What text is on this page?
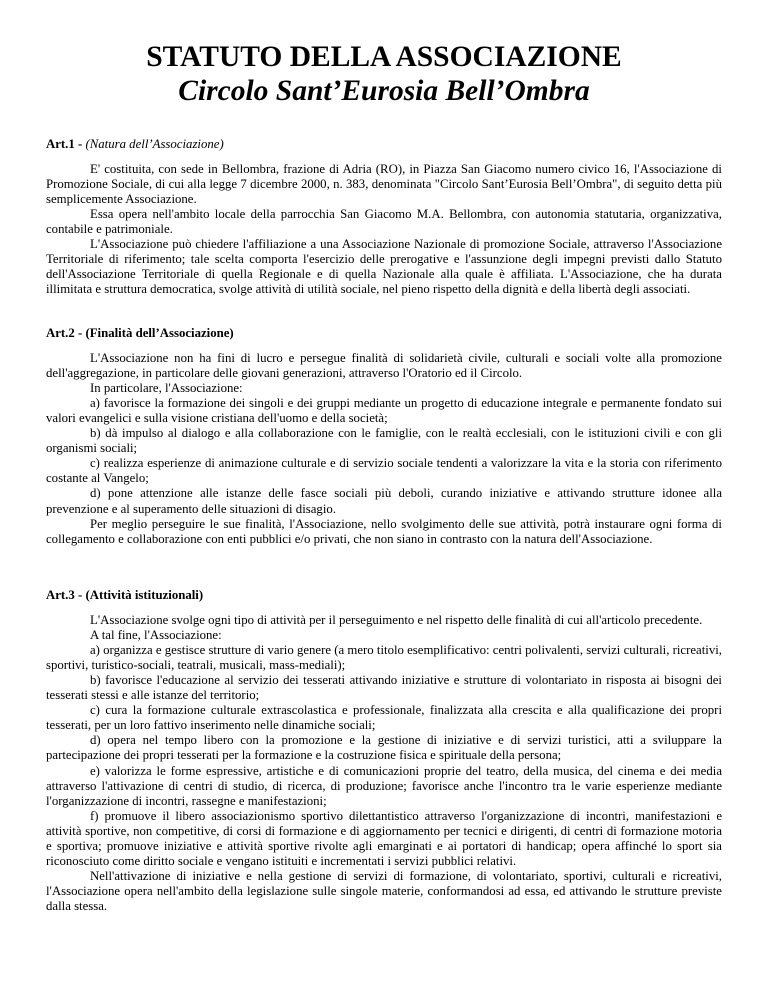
STATUTO DELLA ASSOCIAZIONE
Circolo Sant’Eurosia Bell’Ombra
Art.1 - (Natura dell’Associazione)

E' costituita, con sede in Bellombra, frazione di Adria (RO), in Piazza San Giacomo numero civico 16, l'Associazione di Promozione Sociale, di cui alla legge 7 dicembre 2000, n. 383, denominata "Circolo Sant’Eurosia Bell’Ombra", di seguito detta più semplicemente Associazione.

Essa opera nell'ambito locale della parrocchia San Giacomo M.A. Bellombra, con autonomia statutaria, organizzativa, contabile e patrimoniale.

L'Associazione può chiedere l'affiliazione a una Associazione Nazionale di promozione Sociale, attraverso l'Associazione Territoriale di riferimento; tale scelta comporta l'esercizio delle prerogative e l'assunzione degli impegni previsti dallo Statuto dell'Associazione Territoriale di quella Regionale e di quella Nazionale alla quale è affiliata. L'Associazione, che ha durata illimitata e struttura democratica, svolge attività di utilità sociale, nel pieno rispetto della dignità e della libertà degli associati.

Art.2 - (Finalità dell’Associazione)

L'Associazione non ha fini di lucro e persegue finalità di solidarietà civile, culturali e sociali volte alla promozione dell'aggregazione, in particolare delle giovani generazioni, attraverso l'Oratorio ed il Circolo.

In particolare, l'Associazione:

a) favorisce la formazione dei singoli e dei gruppi mediante un progetto di educazione integrale e permanente fondato sui valori evangelici e sulla visione cristiana dell'uomo e della società;

b) dà impulso al dialogo e alla collaborazione con le famiglie, con le realtà ecclesiali, con le istituzioni civili e con gli organismi sociali;

c) realizza esperienze di animazione culturale e di servizio sociale tendenti a valorizzare la vita e la storia con riferimento costante al Vangelo;

d) pone attenzione alle istanze delle fasce sociali più deboli, curando iniziative e attivando strutture idonee alla prevenzione e al superamento delle situazioni di disagio.

Per meglio perseguire le sue finalità, l'Associazione, nello svolgimento delle sue attività, potrà instaurare ogni forma di collegamento e collaborazione con enti pubblici e/o privati, che non siano in contrasto con la natura dell'Associazione.

Art.3 - (Attività istituzionali)

L'Associazione svolge ogni tipo di attività per il perseguimento e nel rispetto delle finalità di cui all'articolo precedente.

A tal fine, l'Associazione:

a) organizza e gestisce strutture di vario genere (a mero titolo esemplificativo: centri polivalenti, servizi culturali, ricreativi, sportivi, turistico-sociali, teatrali, musicali, mass-mediali);

b) favorisce l'educazione al servizio dei tesserati attivando iniziative e strutture di volontariato in risposta ai bisogni dei tesserati stessi e alle istanze del territorio;

c) cura la formazione culturale extrascolastica e professionale, finalizzata alla crescita e alla qualificazione dei propri tesserati, per un loro fattivo inserimento nelle dinamiche sociali;

d) opera nel tempo libero con la promozione e la gestione di iniziative e di servizi turistici, atti a sviluppare la partecipazione dei propri tesserati per la formazione e la costruzione fisica e spirituale della persona;

e) valorizza le forme espressive, artistiche e di comunicazioni proprie del teatro, della musica, del cinema e dei media attraverso l'attivazione di centri di studio, di ricerca, di produzione; favorisce anche l'incontro tra le varie esperienze mediante l'organizzazione di incontri, rassegne e manifestazioni;

f) promuove il libero associazionismo sportivo dilettantistico attraverso l'organizzazione di incontri, manifestazioni e attività sportive, non competitive, di corsi di formazione e di aggiornamento per tecnici e dirigenti, di centri di formazione motoria e sportiva; promuove iniziative e attività sportive rivolte agli emarginati e ai portatori di handicap; opera affinché lo sport sia riconosciuto come diritto sociale e vengano istituiti e incrementati i servizi pubblici relativi.

Nell'attivazione di iniziative e nella gestione di servizi di formazione, di volontariato, sportivi, culturali e ricreativi, l'Associazione opera nell'ambito della legislazione sulle singole materie, conformandosi ad essa, ed attivando le strutture previste dalla stessa.
